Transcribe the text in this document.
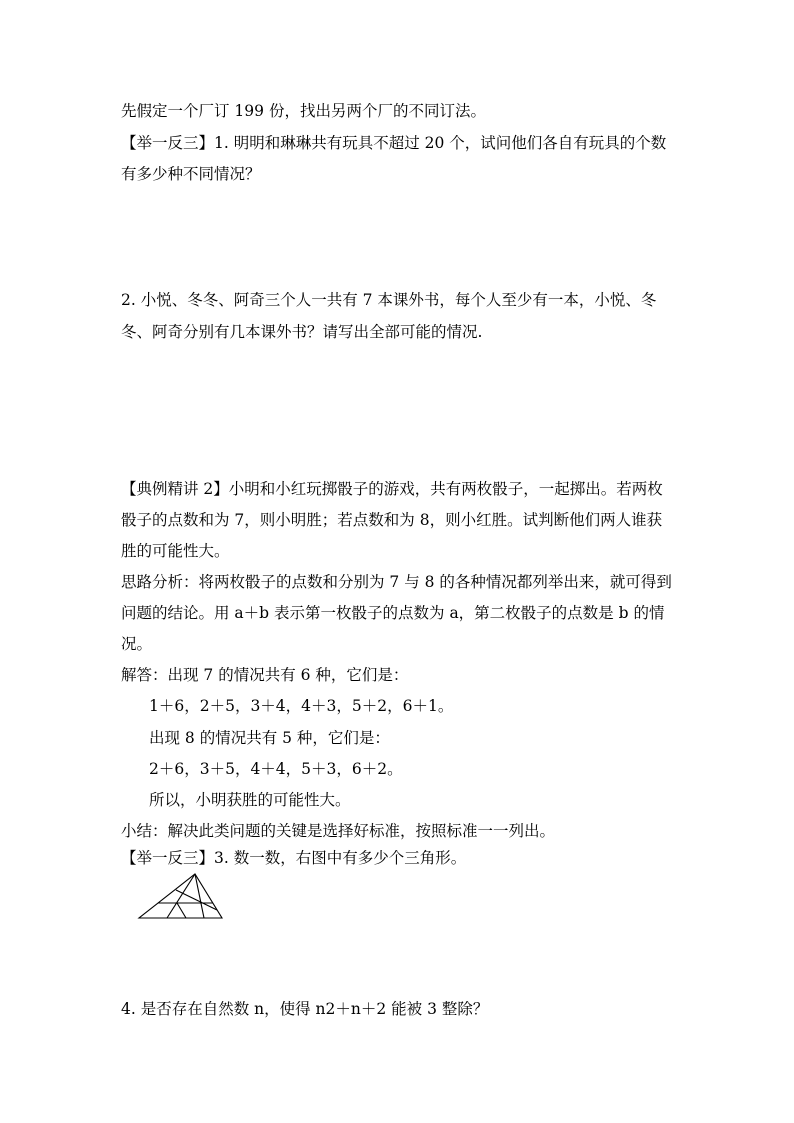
先假定一个厂订 199 份，找出另两个厂的不同订法。
【举一反三】1. 明明和琳琳共有玩具不超过 20 个，试问他们各自有玩具的个数
有多少种不同情况？
2. 小悦、冬冬、阿奇三个人一共有 7 本课外书，每个人至少有一本，小悦、冬
冬、阿奇分别有几本课外书？请写出全部可能的情况.
【典例精讲 2】小明和小红玩掷骰子的游戏，共有两枚骰子，一起掷出。若两枚
骰子的点数和为 7，则小明胜；若点数和为 8，则小红胜。试判断他们两人谁获
胜的可能性大。
思路分析：将两枚骰子的点数和分别为 7 与 8 的各种情况都列举出来，就可得到
问题的结论。用 a＋b 表示第一枚骰子的点数为 a，第二枚骰子的点数是 b 的情
况。
解答：出现 7 的情况共有 6 种，它们是：
1＋6，2＋5，3＋4，4＋3，5＋2，6＋1。
出现 8 的情况共有 5 种，它们是：
2＋6，3＋5，4＋4，5＋3，6＋2。
所以，小明获胜的可能性大。
小结：解决此类问题的关键是选择好标准，按照标准一一列出。
【举一反三】3. 数一数，右图中有多少个三角形。
4. 是否存在自然数 n，使得 n2＋n＋2 能被 3 整除？
